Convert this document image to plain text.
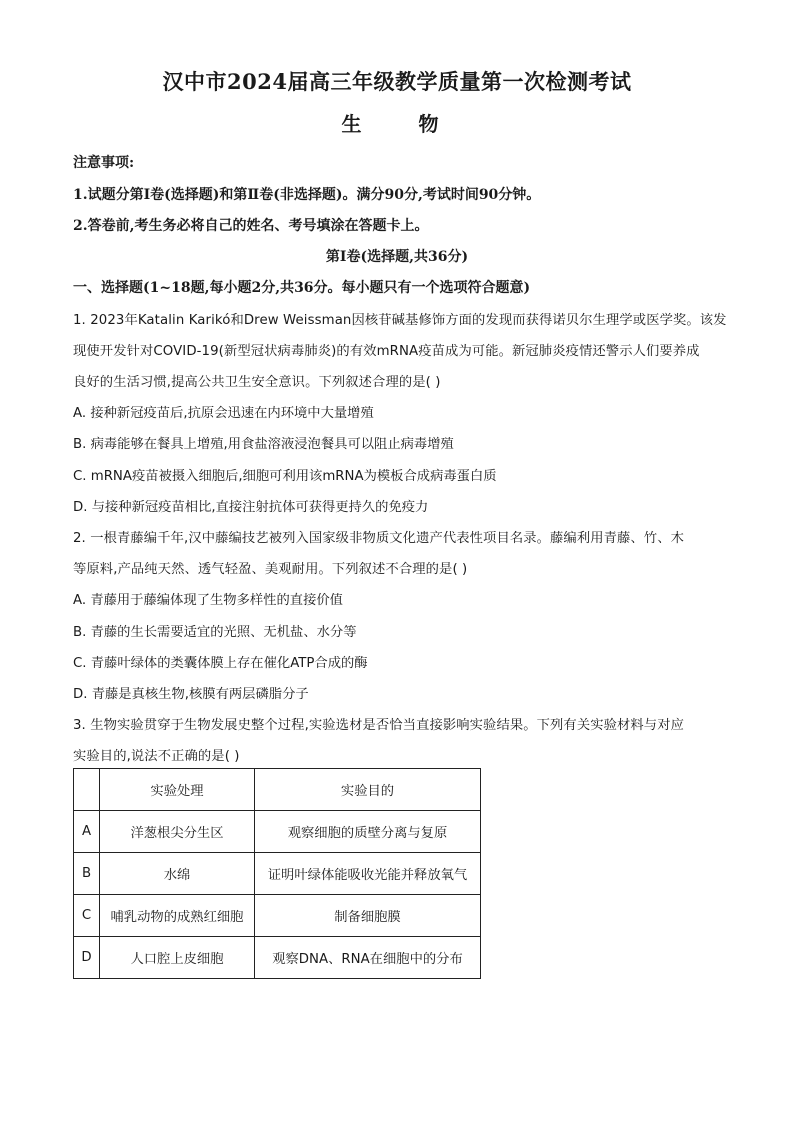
汉中市2024届高三年级教学质量第一次检测考试
生 物
注意事项:
1.试题分第Ⅰ卷(选择题)和第Ⅱ卷(非选择题)。满分90分,考试时间90分钟。
2.答卷前,考生务必将自己的姓名、考号填涂在答题卡上。
第Ⅰ卷(选择题,共36分)
一、选择题(1~18题,每小题2分,共36分。每小题只有一个选项符合题意)
1. 2023年Katalin Karikó和Drew Weissman因核苷碱基修饰方面的发现而获得诺贝尔生理学或医学奖。该发
现使开发针对COVID-19(新型冠状病毒肺炎)的有效mRNA疫苗成为可能。新冠肺炎疫情还警示人们要养成
良好的生活习惯,提高公共卫生安全意识。下列叙述合理的是( )
A. 接种新冠疫苗后,抗原会迅速在内环境中大量增殖
B. 病毒能够在餐具上增殖,用食盐溶液浸泡餐具可以阻止病毒增殖
C. mRNA疫苗被摄入细胞后,细胞可利用该mRNA为模板合成病毒蛋白质
D. 与接种新冠疫苗相比,直接注射抗体可获得更持久的免疫力
2. 一根青藤编千年,汉中藤编技艺被列入国家级非物质文化遗产代表性项目名录。藤编利用青藤、竹、木
等原料,产品纯天然、透气轻盈、美观耐用。下列叙述不合理的是( )
A. 青藤用于藤编体现了生物多样性的直接价值
B. 青藤的生长需要适宜的光照、无机盐、水分等
C. 青藤叶绿体的类囊体膜上存在催化ATP合成的酶
D. 青藤是真核生物,核膜有两层磷脂分子
3. 生物实验贯穿于生物发展史整个过程,实验选材是否恰当直接影响实验结果。下列有关实验材料与对应
实验目的,说法不正确的是( )
	实验处理	实验目的
A	洋葱根尖分生区	观察细胞的质壁分离与复原
B	水绵	证明叶绿体能吸收光能并释放氧气
C	哺乳动物的成熟红细胞	制备细胞膜
D	人口腔上皮细胞	观察DNA、RNA在细胞中的分布
